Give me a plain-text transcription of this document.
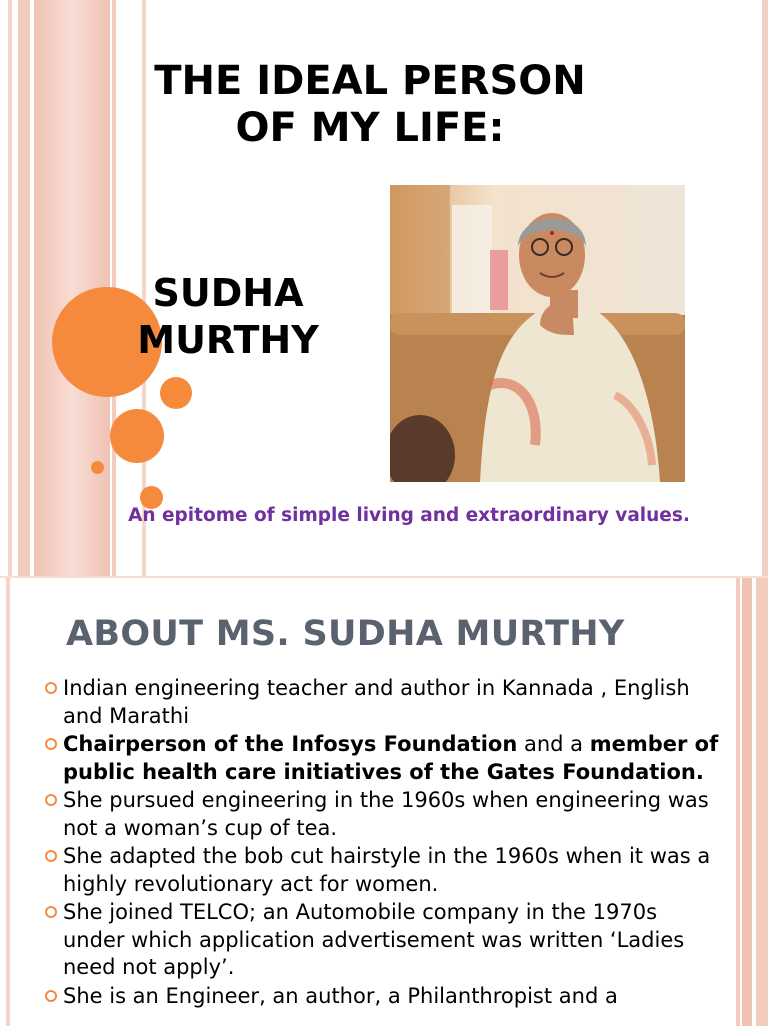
THE IDEAL PERSON
OF MY LIFE:
SUDHA
MURTHY
An epitome of simple living and extraordinary values.
ABOUT MS. SUDHA MURTHY
Indian engineering teacher and author in Kannada , English and Marathi
Chairperson of the Infosys Foundation and a member of public health care initiatives of the Gates Foundation.
She pursued engineering in the 1960s when engineering was not a woman’s cup of tea.
She adapted the bob cut hairstyle in the 1960s when it was a highly revolutionary act for women.
She joined TELCO; an Automobile company in the 1970s under which application advertisement was written ‘Ladies need not apply’.
She is an Engineer, an author, a Philanthropist and a
